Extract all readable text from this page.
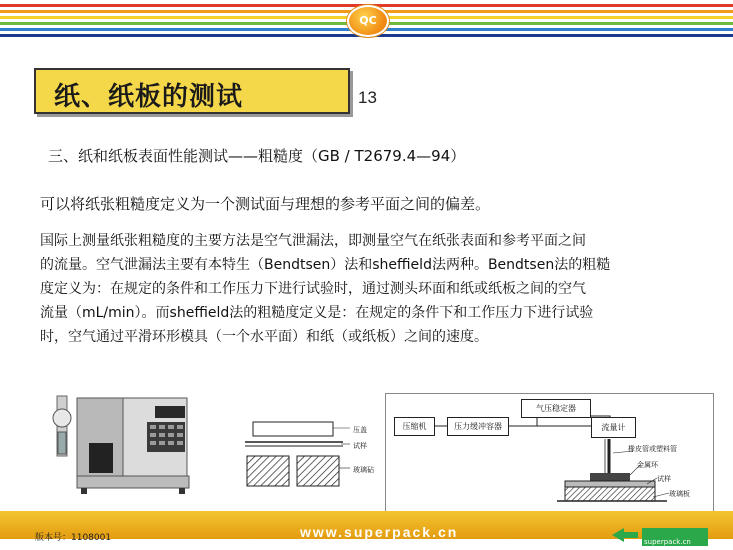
QC
纸、纸板的测试	13
三、纸和纸板表面性能测试——粗糙度（GB / T2679.4—94）
可以将纸张粗糙度定义为一个测试面与理想的参考平面之间的偏差。
国际上测量纸张粗糙度的主要方法是空气泄漏法，即测量空气在纸张表面和参考平面之间
的流量。空气泄漏法主要有本特生（Bendtsen）法和sheffield法两种。Bendtsen法的粗糙
度定义为：在规定的条件和工作压力下进行试验时，通过测头环面和纸或纸板之间的空气
流量（mL/min）。而sheffield法的粗糙度定义是：在规定的条件下和工作压力下进行试验
时，空气通过平滑环形模具（一个水平面）和纸（或纸板）之间的速度。
压盖
试样
玻璃砧
压缩机	压力缓冲容器
气压稳定器
流量计
橡皮管或塑料管
金属环
试样
玻璃板
版本号：1108001	www.superpack.cn
superpack.cn
